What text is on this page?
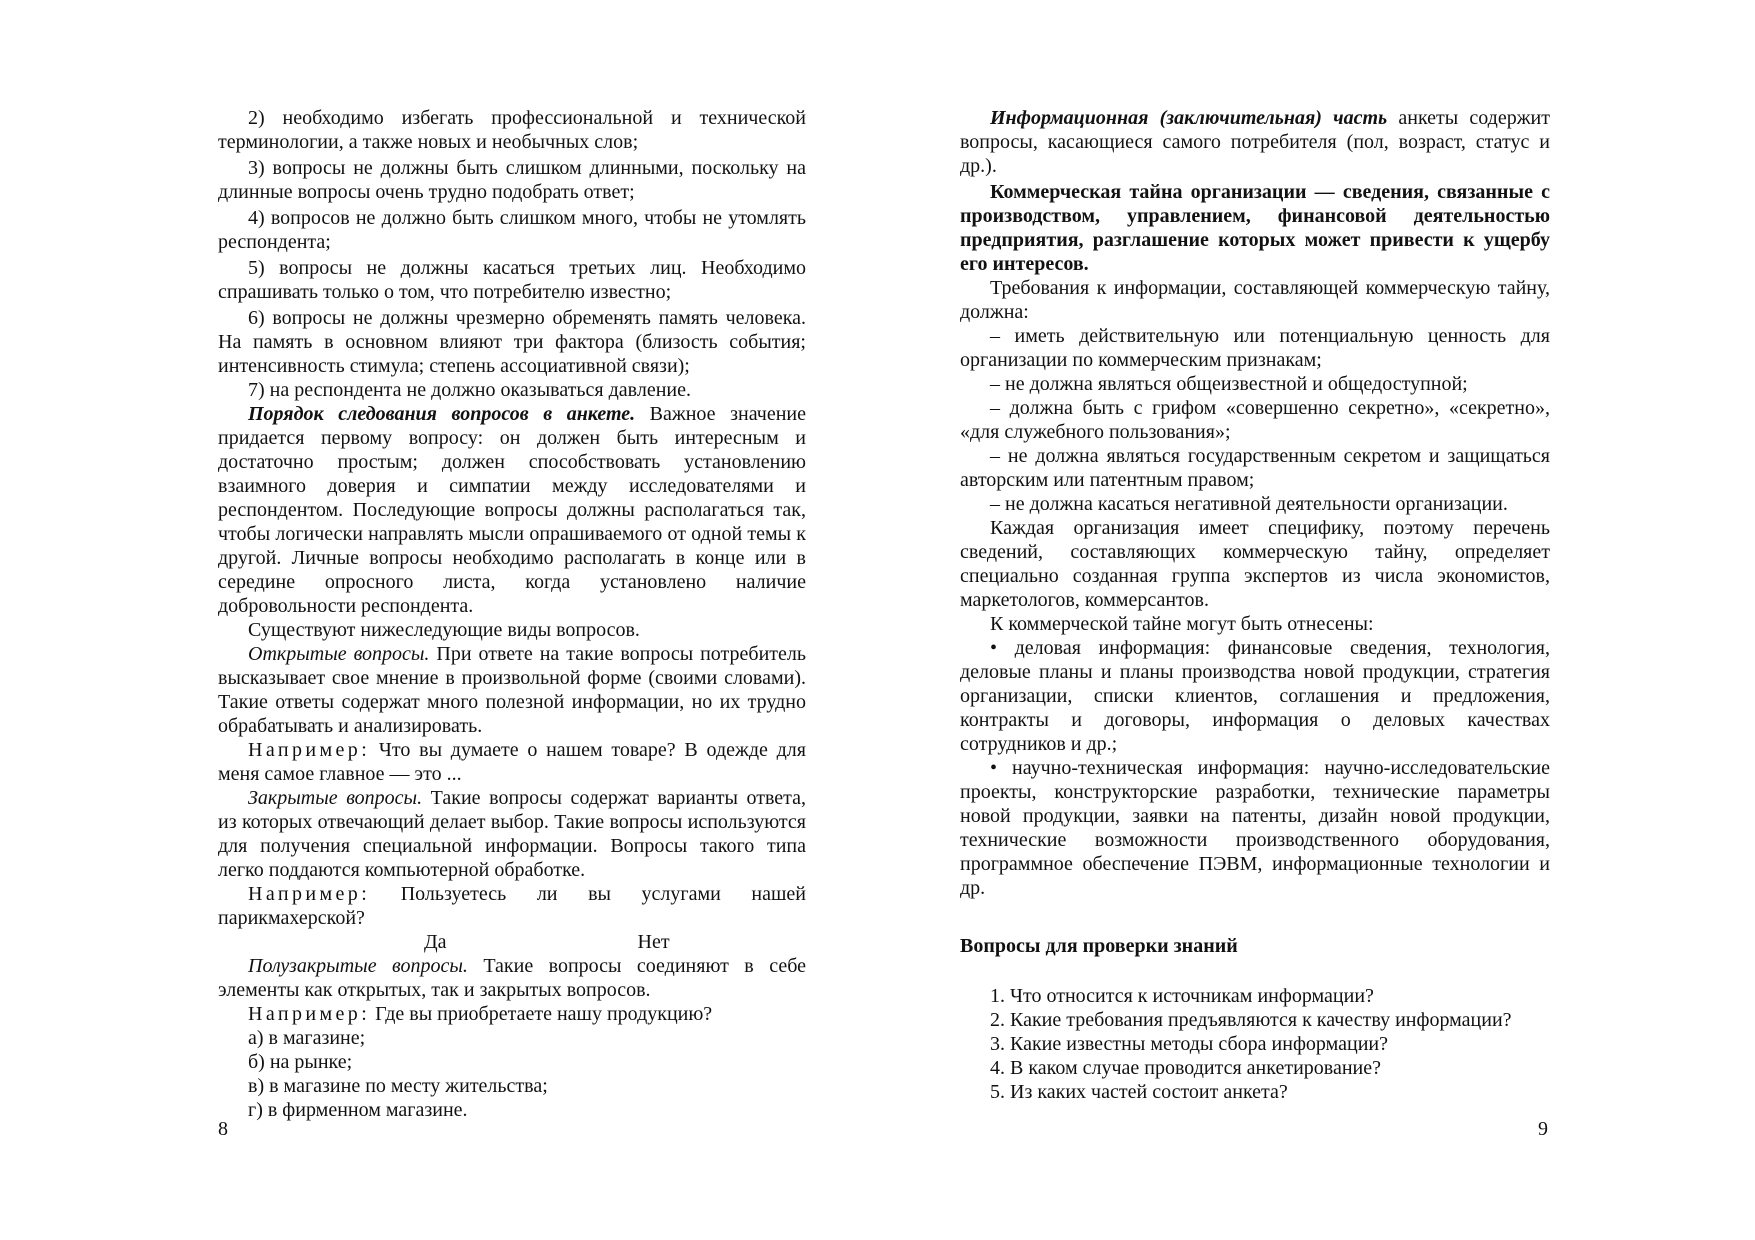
2) необходимо избегать профессиональной и технической терминологии, а также новых и необычных слов;

3) вопросы не должны быть слишком длинными, поскольку на длинные вопросы очень трудно подобрать ответ;

4) вопросов не должно быть слишком много, чтобы не утомлять респондента;

5) вопросы не должны касаться третьих лиц. Необходимо спрашивать только о том, что потребителю известно;

6) вопросы не должны чрезмерно обременять память человека. На память в основном влияют три фактора (близость события; интенсивность стимула; степень ассоциативной связи);

7) на респондента не должно оказываться давление.

Порядок следования вопросов в анкете. Важное значение придается первому вопросу: он должен быть интересным и достаточно простым; должен способствовать установлению взаимного доверия и симпатии между исследователями и респондентом. Последующие вопросы должны располагаться так, чтобы логически направлять мысли опрашиваемого от одной темы к другой. Личные вопросы необходимо располагать в конце или в середине опросного листа, когда установлено наличие добровольности респондента.

Существуют нижеследующие виды вопросов.

Открытые вопросы. При ответе на такие вопросы потребитель высказывает свое мнение в произвольной форме (своими словами). Такие ответы содержат много полезной информации, но их трудно обрабатывать и анализировать.

Например: Что вы думаете о нашем товаре? В одежде для меня самое главное — это ...

Закрытые вопросы. Такие вопросы содержат варианты ответа, из которых отвечающий делает выбор. Такие вопросы используются для получения специальной информации. Вопросы такого типа легко поддаются компьютерной обработке.

Например: Пользуетесь ли вы услугами нашей парикмахерской?

Да	Нет

Полузакрытые вопросы. Такие вопросы соединяют в себе элементы как открытых, так и закрытых вопросов.

Например: Где вы приобретаете нашу продукцию?

а) в магазине;

б) на рынке;

в) в магазине по месту жительства;

г) в фирменном магазине.

8

Информационная (заключительная) часть анкеты содержит вопросы, касающиеся самого потребителя (пол, возраст, статус и др.).

Коммерческая тайна организации — сведения, связанные с производством, управлением, финансовой деятельностью предприятия, разглашение которых может привести к ущербу его интересов.

Требования к информации, составляющей коммерческую тайну, должна:

– иметь действительную или потенциальную ценность для организации по коммерческим признакам;

– не должна являться общеизвестной и общедоступной;

– должна быть с грифом «совершенно секретно», «секретно», «для служебного пользования»;

– не должна являться государственным секретом и защищаться авторским или патентным правом;

– не должна касаться негативной деятельности организации.

Каждая организация имеет специфику, поэтому перечень сведений, составляющих коммерческую тайну, определяет специально созданная группа экспертов из числа экономистов, маркетологов, коммерсантов.

К коммерческой тайне могут быть отнесены:

• деловая информация: финансовые сведения, технология, деловые планы и планы производства новой продукции, стратегия организации, списки клиентов, соглашения и предложения, контракты и договоры, информация о деловых качествах сотрудников и др.;

• научно-техническая информация: научно-исследовательские проекты, конструкторские разработки, технические параметры новой продукции, заявки на патенты, дизайн новой продукции, технические возможности производственного оборудования, программное обеспечение ПЭВМ, информационные технологии и др.

Вопросы для проверки знаний

1. Что относится к источникам информации?

2. Какие требования предъявляются к качеству информации?

3. Какие известны методы сбора информации?

4. В каком случае проводится анкетирование?

5. Из каких частей состоит анкета?

9
